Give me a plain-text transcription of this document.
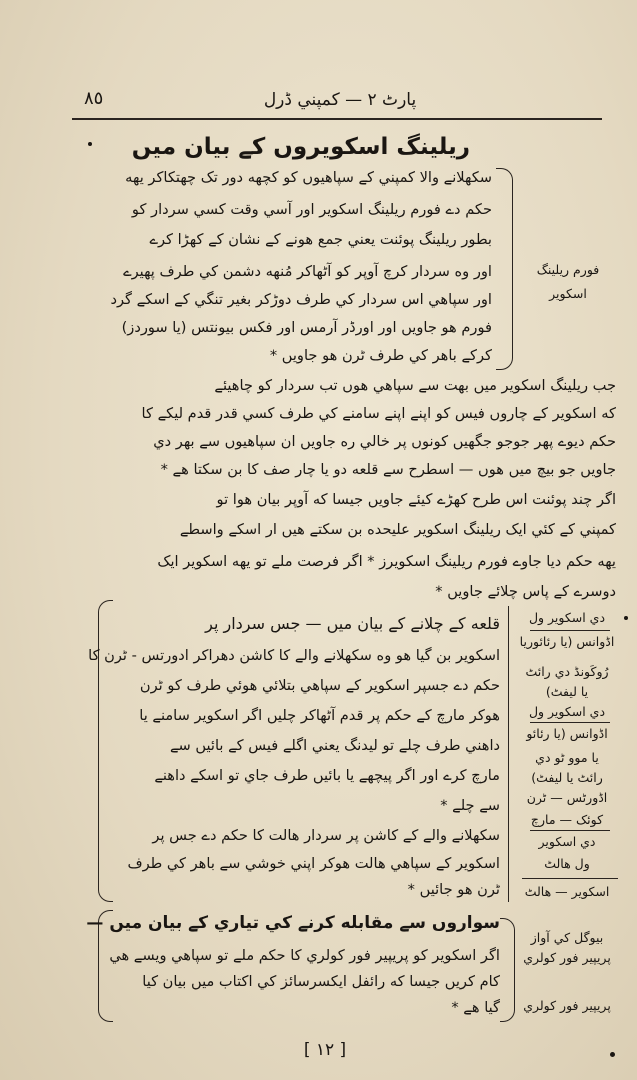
٨٥	پارٹ ٢ — کمپني ڈرل
ريلينگ اسکويروں کے بيان ميں
سکھلانے والا کمپني کے سپاهيوں کو کچھه دور تک چهتکاکر يهه
حکم دے فورم ريلينگ اسکوير اور آسي وقت کسي سردار کو
بطور ريلينگ پوئنت يعني جمع هونے کے نشان کے کهڑا کرے
اور وه سردار کرچ آوپر کو آٹهاکر مُنهه دشمن کي طرف پهيرے
اور سپاهي اس سردار کي طرف دوڑکر بغير تنگي کے اسکے گرد
فورم هو جاويں اور اورڈر آرمس اور فکس بيونتس (يا سوردز)
کرکے باهر کي طرف ٹرن هو جاويں *
فورم ريلينگ
اسکوير
جب ريلينگ اسکوير ميں بهت سے سپاهي هوں تب سردار کو چاهيئے
که اسکوير کے چاروں فيس کو اپنے اپنے سامنے کي طرف کسي قدر قدم ليکے کا
حکم ديوے پهر جوجو جگهيں کونوں پر خالي ره جاويں ان سپاهيوں سے بهر دي
جاويں جو بيچ ميں هوں — اسطرح سے قلعه دو يا چار صف کا بن سکتا هے *
اگر چند پوئنت اس طرح کهڑے کيئے جاويں جيسا که آوپر بيان هوا تو
کمپني کے کئي ايک ريلينگ اسکوير عليحده بن سکتے هيں ار اسکے واسطے
يهه حکم ديا جاوے فورم ريلينگ اسکويرز * اگر فرصت ملے تو يهه اسکوير ايک
دوسرے کے پاس چلائے جاويں *
قلعه کے چلانے کے بيان ميں — جس سردار پر
اسکوير بن گيا هو وه سکهلانے والے کا کاشن دهراکر ادورتس - ٹرن کا
حکم دے جسپر اسکوير کے سپاهي بتلائي هوئي طرف کو ٹرن
هوکر مارچ کے حکم پر قدم آٹهاکر چليں اگر اسکوير سامنے يا
داهني طرف چلے تو ليدنگ يعني اگلے فيس کے بائيں سے
مارچ کرے اور اگر پيچهے يا بائيں طرف جاي تو اسکے داهنے
سے چلے *
سکهلانے والے کے کاشن پر سردار هالت کا حکم دے جس پر
اسکوير کے سپاهي هالت هوکر اپني خوشي سے باهر کي طرف
ٹرن هو جائيں *
دي اسکوير ول
اڈوانس (يا رئائوريا
رُوکَونڈ دي رائٹ
يا ليفٹ)
دي اسکوير ول
اڈوانس (يا رئائو
يا موو ٹو دي
رائٹ يا ليفٹ)
اڈورٹس — ٹرن
کوئک — مارچ
دي اسکوير
ول هالٹ
اسکوير — هالٹ
سواروں سے مقابله کرنے کي تياري کے بيان ميں —
اگر اسکوير کو پريپير فور کولري کا حکم ملے تو سپاهي ويسے هي
کام کريں جيسا که رائفل ايکسرسائز کي اکتاب ميں بيان کيا
گيا هے *
بيوگل کي آواز
پريپير فور کولري
پريپير فور کولري
[ ١٢ ]
